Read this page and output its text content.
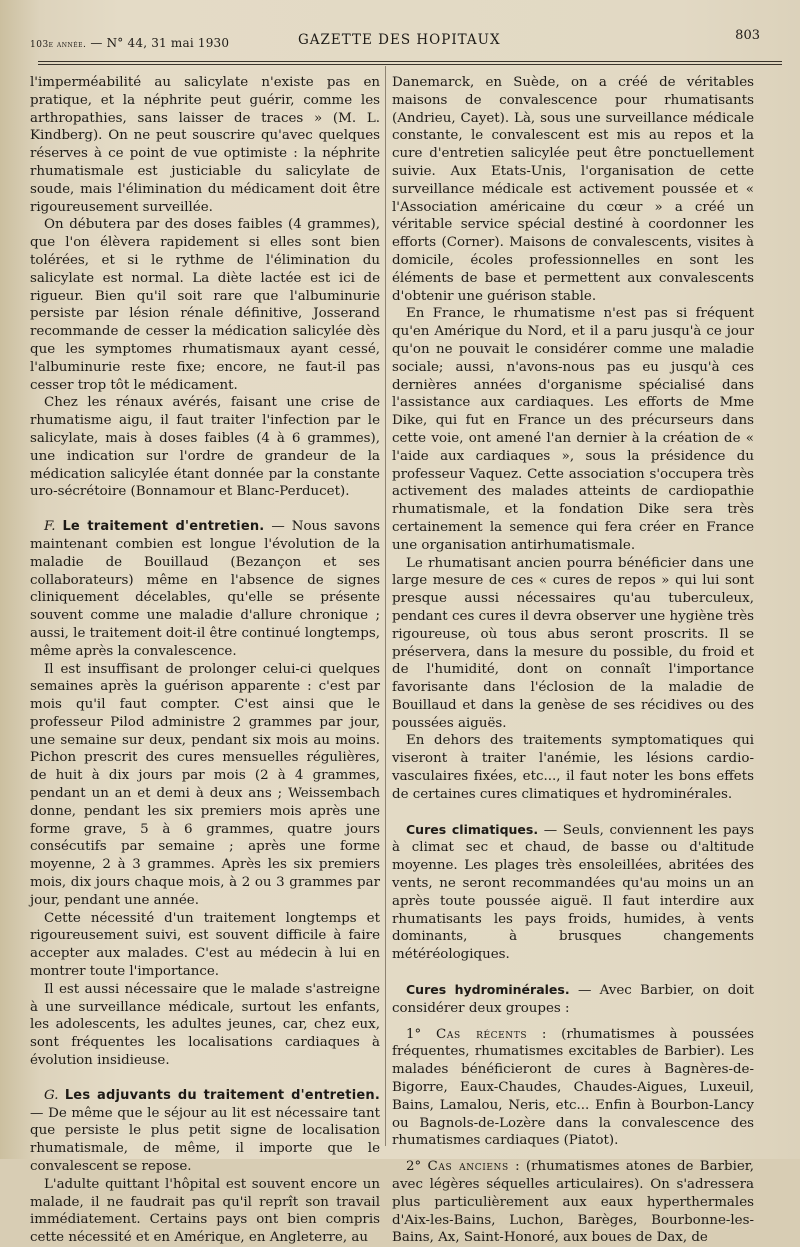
103e année. — N° 44, 31 mai 1930	GAZETTE DES HOPITAUX	803

l'imperméabilité au salicylate n'existe pas en pratique, et la néphrite peut guérir, comme les arthropathies, sans laisser de traces » (M. L. Kindberg). On ne peut souscrire qu'avec quelques réserves à ce point de vue optimiste : la néphrite rhumatismale est justiciable du salicylate de soude, mais l'élimination du médicament doit être rigoureusement surveillée.

On débutera par des doses faibles (4 grammes), que l'on élèvera rapidement si elles sont bien tolérées, et si le rythme de l'élimination du salicylate est normal. La diète lactée est ici de rigueur. Bien qu'il soit rare que l'albuminurie persiste par lésion rénale définitive, Josserand recommande de cesser la médication salicylée dès que les symptomes rhumatismaux ayant cessé, l'albuminurie reste fixe; encore, ne faut-il pas cesser trop tôt le médicament.

Chez les rénaux avérés, faisant une crise de rhumatisme aigu, il faut traiter l'infection par le salicylate, mais à doses faibles (4 à 6 grammes), une indication sur l'ordre de grandeur de la médication salicylée étant donnée par la constante uro-sécrétoire (Bonnamour et Blanc-Perducet).

F. Le traitement d'entretien. — Nous savons maintenant combien est longue l'évolution de la maladie de Bouillaud (Bezançon et ses collaborateurs) même en l'absence de signes cliniquement décelables, qu'elle se présente souvent comme une maladie d'allure chronique ; aussi, le traitement doit-il être continué longtemps, même après la convalescence.

Il est insuffisant de prolonger celui-ci quelques semaines après la guérison apparente : c'est par mois qu'il faut compter. C'est ainsi que le professeur Pilod administre 2 grammes par jour, une semaine sur deux, pendant six mois au moins. Pichon prescrit des cures mensuelles régulières, de huit à dix jours par mois (2 à 4 grammes, pendant un an et demi à deux ans ; Weissembach donne, pendant les six premiers mois après une forme grave, 5 à 6 grammes, quatre jours consécutifs par semaine ; après une forme moyenne, 2 à 3 grammes. Après les six premiers mois, dix jours chaque mois, à 2 ou 3 grammes par jour, pendant une année.

Cette nécessité d'un traitement longtemps et rigoureusement suivi, est souvent difficile à faire accepter aux malades. C'est au médecin à lui en montrer toute l'importance.

Il est aussi nécessaire que le malade s'astreigne à une surveillance médicale, surtout les enfants, les adolescents, les adultes jeunes, car, chez eux, sont fréquentes les localisations cardiaques à évolution insidieuse.

G. Les adjuvants du traitement d'entretien. — De même que le séjour au lit est nécessaire tant que persiste le plus petit signe de localisation rhumatismale, de même, il importe que le convalescent se repose.

L'adulte quittant l'hôpital est souvent encore un malade, il ne faudrait pas qu'il reprît son travail immédiatement. Certains pays ont bien compris cette nécessité et en Amérique, en Angleterre, au

Danemarck, en Suède, on a créé de véritables maisons de convalescence pour rhumatisants (Andrieu, Cayet). Là, sous une surveillance médicale constante, le convalescent est mis au repos et la cure d'entretien salicylée peut être ponctuellement suivie. Aux Etats-Unis, l'organisation de cette surveillance médicale est activement poussée et « l'Association américaine du cœur » a créé un véritable service spécial destiné à coordonner les efforts (Corner). Maisons de convalescents, visites à domicile, écoles professionnelles en sont les éléments de base et permettent aux convalescents d'obtenir une guérison stable.

En France, le rhumatisme n'est pas si fréquent qu'en Amérique du Nord, et il a paru jusqu'à ce jour qu'on ne pouvait le considérer comme une maladie sociale; aussi, n'avons-nous pas eu jusqu'à ces dernières années d'organisme spécialisé dans l'assistance aux cardiaques. Les efforts de Mme Dike, qui fut en France un des précurseurs dans cette voie, ont amené l'an dernier à la création de « l'aide aux cardiaques », sous la présidence du professeur Vaquez. Cette association s'occupera très activement des malades atteints de cardiopathie rhumatismale, et la fondation Dike sera très certainement la semence qui fera créer en France une organisation antirhumatismale.

Le rhumatisant ancien pourra bénéficier dans une large mesure de ces « cures de repos » qui lui sont presque aussi nécessaires qu'au tuberculeux, pendant ces cures il devra observer une hygiène très rigoureuse, où tous abus seront proscrits. Il se préservera, dans la mesure du possible, du froid et de l'humidité, dont on connaît l'importance favorisante dans l'éclosion de la maladie de Bouillaud et dans la genèse de ses récidives ou des poussées aiguës.

En dehors des traitements symptomatiques qui viseront à traiter l'anémie, les lésions cardio-vasculaires fixées, etc..., il faut noter les bons effets de certaines cures climatiques et hydrominérales.

Cures climatiques. — Seuls, conviennent les pays à climat sec et chaud, de basse ou d'altitude moyenne. Les plages très ensoleillées, abritées des vents, ne seront recommandées qu'au moins un an après toute poussée aiguë. Il faut interdire aux rhumatisants les pays froids, humides, à vents dominants, à brusques changements météréologiques.

Cures hydrominérales. — Avec Barbier, on doit considérer deux groupes :

1° Cas récents : (rhumatismes à poussées fréquentes, rhumatismes excitables de Barbier). Les malades bénéficieront de cures à Bagnères-de-Bigorre, Eaux-Chaudes, Chaudes-Aigues, Luxeuil, Bains, Lamalou, Neris, etc... Enfin à Bourbon-Lancy ou Bagnols-de-Lozère dans la convalescence des rhumatismes cardiaques (Piatot).

2° Cas anciens : (rhumatismes atones de Barbier, avec légères séquelles articulaires). On s'adressera plus particulièrement aux eaux hyperthermales d'Aix-les-Bains, Luchon, Barèges, Bourbonne-les-Bains, Ax, Saint-Honoré, aux boues de Dax, de
